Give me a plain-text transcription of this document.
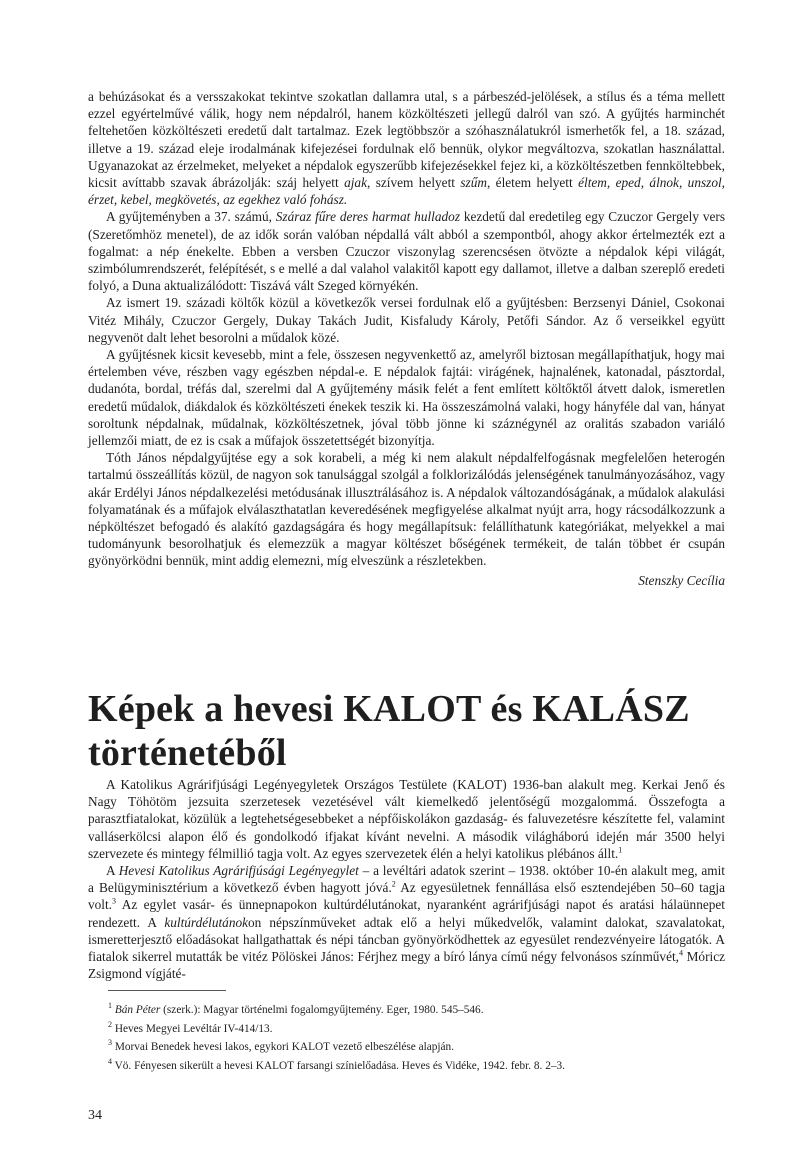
a behúzásokat és a versszakokat tekintve szokatlan dallamra utal, s a párbeszéd-jelölések, a stílus és a téma mellett ezzel egyértelművé válik, hogy nem népdalról, hanem közköltészeti jellegű dalról van szó. A gyűjtés harminchét feltehetően közköltészeti eredetű dalt tartalmaz. Ezek legtöbbször a szóhasználatukról ismerhetők fel, a 18. század, illetve a 19. század eleje irodalmának kifejezései fordulnak elő bennük, olykor megváltozva, szokatlan használattal. Ugyanazokat az érzelmeket, melyeket a népdalok egyszerűbb kifejezésekkel fejez ki, a közköltészetben fennköltebbek, kicsit avíttabb szavak ábrázolják: száj helyett ajak, szívem helyett szűm, életem helyett éltem, eped, álnok, unszol, érzet, kebel, megkövetés, az egekhez való fohász.

A gyűjteményben a 37. számú, Száraz fűre deres harmat hulladoz kezdetű dal eredetileg egy Czuczor Gergely vers (Szeretőmhöz menetel), de az idők során valóban népdallá vált abból a szempontból, ahogy akkor értelmezték ezt a fogalmat: a nép énekelte. Ebben a versben Czuczor viszonylag szerencsésen ötvözte a népdalok képi világát, szimbólumrendszerét, felépítését, s e mellé a dal valahol valakitől kapott egy dallamot, illetve a dalban szereplő eredeti folyó, a Duna aktualizálódott: Tiszává vált Szeged környékén.

Az ismert 19. századi költők közül a következők versei fordulnak elő a gyűjtésben: Berzsenyi Dániel, Csokonai Vitéz Mihály, Czuczor Gergely, Dukay Takách Judit, Kisfaludy Károly, Petőfi Sándor. Az ő verseikkel együtt negyvenöt dalt lehet besorolni a műdalok közé.

A gyűjtésnek kicsit kevesebb, mint a fele, összesen negyvenkettő az, amelyről biztosan megállapíthatjuk, hogy mai értelemben véve, részben vagy egészben népdal-e. E népdalok fajtái: virágének, hajnalének, katonadal, pásztordal, dudanóta, bordal, tréfás dal, szerelmi dal A gyűjtemény másik felét a fent említett költőktől átvett dalok, ismeretlen eredetű műdalok, diákdalok és közköltészeti énekek teszik ki. Ha összeszámolná valaki, hogy hányféle dal van, hányat soroltunk népdalnak, műdalnak, közköltészetnek, jóval több jönne ki száznégynél az oralitás szabadon variáló jellemzői miatt, de ez is csak a műfajok összetettségét bizonyítja.

Tóth János népdalgyűjtése egy a sok korabeli, a még ki nem alakult népdalfelfogásnak megfelelően heterogén tartalmú összeállítás közül, de nagyon sok tanulsággal szolgál a folklorizálódás jelenségének tanulmányozásához, vagy akár Erdélyi János népdalkezelési metódusának illusztrálásához is. A népdalok változandóságának, a műdalok alakulási folyamatának és a műfajok elválaszthatatlan keveredésének megfigyelése alkalmat nyújt arra, hogy rácsodálkozzunk a népköltészet befogadó és alakító gazdagságára és hogy megállapítsuk: felállíthatunk kategóriákat, melyekkel a mai tudományunk besorolhatjuk és elemezzük a magyar költészet bőségének termékeit, de talán többet ér csupán gyönyörködni bennük, mint addig elemezni, míg elveszünk a részletekben.

Stenszky Cecília
Képek a hevesi KALOT és KALÁSZ történetéből

A Katolikus Agrárifjúsági Legényegyletek Országos Testülete (KALOT) 1936-ban alakult meg. Kerkai Jenő és Nagy Töhötöm jezsuita szerzetesek vezetésével vált kiemelkedő jelentőségű mozgalommá. Összefogta a parasztfiatalokat, közülük a legtehetségesebbeket a népfőiskolákon gazdaság- és faluvezetésre készítette fel, valamint valláserkölcsi alapon élő és gondolkodó ifjakat kívánt nevelni. A második világháború idején már 3500 helyi szervezete és mintegy félmillió tagja volt. Az egyes szervezetek élén a helyi katolikus plébános állt.$^1$

A Hevesi Katolikus Agrárifjúsági Legényegylet – a levéltári adatok szerint – 1938. október 10-én alakult meg, amit a Belügyminisztérium a következő évben hagyott jóvá.$^2$ Az egyesületnek fennállása első esztendejében 50–60 tagja volt.$^3$ Az egylet vasár- és ünnepnapokon kultúrdélutánokat, nyaranként agrárifjúsági napot és aratási hálaünnepet rendezett. A kultúrdélutánokon népszínműveket adtak elő a helyi műkedvelők, valamint dalokat, szavalatokat, ismeretterjesztő előadásokat hallgathattak és népi táncban gyönyörködhettek az egyesület rendezvényeire látogatók. A fiatalok sikerrel mutatták be vitéz Pölöskei János: Férjhez megy a bíró lánya című négy felvonásos színművét,$^4$ Móricz Zsigmond vígjáté-

$^1$ Bán Péter (szerk.): Magyar történelmi fogalomgyűjtemény. Eger, 1980. 545–546.
$^2$ Heves Megyei Levéltár IV-414/13.
$^3$ Morvai Benedek hevesi lakos, egykori KALOT vezető elbeszélése alapján.
$^4$ Vö. Fényesen sikerült a hevesi KALOT farsangi színielőadása. Heves és Vidéke, 1942. febr. 8. 2–3.
34
